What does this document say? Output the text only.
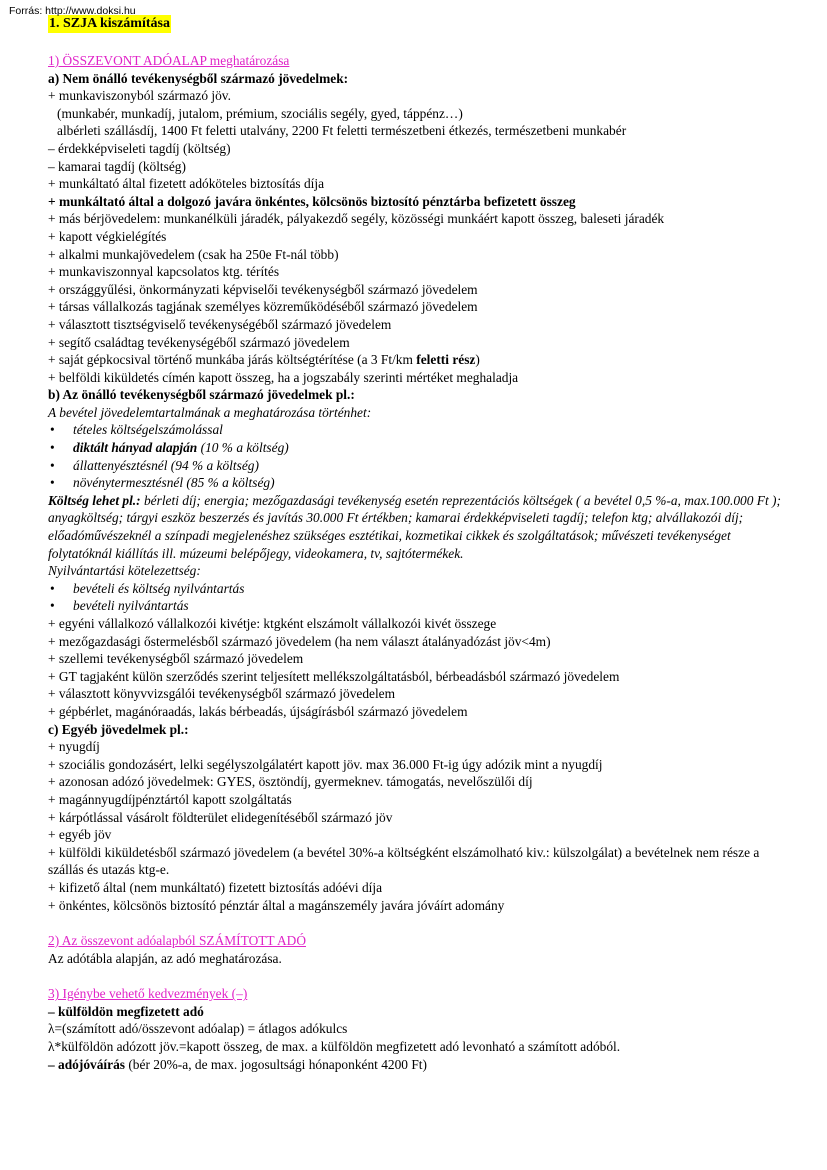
Forrás: http://www.doksi.hu
1. SZJA kiszámítása

1) ÖSSZEVONT ADÓALAP meghatározása

a) Nem önálló tevékenységből származó jövedelmek:

+ munkaviszonyból származó jöv.

(munkabér, munkadíj, jutalom, prémium, szociális segély, gyed, táppénz…)

albérleti szállásdíj, 1400 Ft feletti utalvány, 2200 Ft feletti természetbeni étkezés, természetbeni munkabér

– érdekképviseleti tagdíj (költség)

– kamarai tagdíj (költség)

+ munkáltató által fizetett adóköteles biztosítás díja

+ munkáltató által a dolgozó javára önkéntes, kölcsönös biztosító pénztárba befizetett összeg

+ más bérjövedelem: munkanélküli járadék, pályakezdő segély, közösségi munkáért kapott összeg, baleseti járadék

+ kapott végkielégítés

+ alkalmi munkajövedelem (csak ha 250e Ft-nál több)

+ munkaviszonnyal kapcsolatos ktg. térítés

+ országgyűlési, önkormányzati képviselői tevékenységből származó jövedelem

+ társas vállalkozás tagjának személyes közreműködéséből származó jövedelem

+ választott tisztségviselő tevékenységéből származó jövedelem

+ segítő családtag tevékenységéből származó jövedelem

+ saját gépkocsival történő munkába járás költségtérítése (a 3 Ft/km feletti rész)

+ belföldi kiküldetés címén kapott összeg, ha a jogszabály szerinti mértéket meghaladja

b) Az önálló tevékenységből származó jövedelmek pl.:

A bevétel jövedelemtartalmának a meghatározása történhet:

• tételes költségelszámolással

• diktált hányad alapján (10 % a költség)

• állattenyésztésnél (94 % a költség)

• növénytermesztésnél (85 % a költség)

Költség lehet pl.: bérleti díj; energia; mezőgazdasági tevékenység esetén reprezentációs költségek ( a bevétel 0,5 %-a, max.100.000 Ft ); anyagköltség; tárgyi eszköz beszerzés és javítás 30.000 Ft értékben; kamarai érdekképviseleti tagdíj; telefon ktg; alvállakozói díj; előadóművészeknél a színpadi megjelenéshez szükséges esztétikai, kozmetikai cikkek és szolgáltatások; művészeti tevékenységet folytatóknál kiállítás ill. múzeumi belépőjegy, videokamera, tv, sajtótermékek.

Nyilvántartási kötelezettség:

• bevételi és költség nyilvántartás

• bevételi nyilvántartás

+ egyéni vállalkozó vállalkozói kivétje: ktgként elszámolt vállalkozói kivét összege

+ mezőgazdasági őstermelésből származó jövedelem (ha nem választ átalányadózást jöv<4m)

+ szellemi tevékenységből származó jövedelem

+ GT tagjaként külön szerződés szerint teljesített mellékszolgáltatásból, bérbeadásból származó jövedelem

+ választott könyvvizsgálói tevékenységből származó jövedelem

+ gépbérlet, magánóraadás, lakás bérbeadás, újságírásból származó jövedelem

c) Egyéb jövedelmek pl.:

+ nyugdíj

+ szociális gondozásért, lelki segélyszolgálatért kapott jöv. max 36.000 Ft-ig úgy adózik mint a nyugdíj

+ azonosan adózó jövedelmek: GYES, ösztöndíj, gyermeknev. támogatás, nevelőszülői díj

+ magánnyugdíjpénztártól kapott szolgáltatás

+ kárpótlással vásárolt földterület elidegenítéséből származó jöv

+ egyéb jöv

+ külföldi kiküldetésből származó jövedelem (a bevétel 30%-a költségként elszámolható kiv.: külszolgálat) a bevételnek nem része a szállás és utazás ktg-e.

+ kifizető által (nem munkáltató) fizetett biztosítás adóévi díja

+ önkéntes, kölcsönös biztosító pénztár által a magánszemély javára jóváírt adomány

2) Az összevont adóalapból SZÁMÍTOTT ADÓ

Az adótábla alapján, az adó meghatározása.

3) Igénybe vehető kedvezmények (–)

– külföldön megfizetett adó

λ=(számított adó/összevont adóalap) = átlagos adókulcs

λ*külföldön adózott jöv.=kapott összeg, de max. a külföldön megfizetett adó levonható a számított adóból.

– adójóváírás (bér 20%-a, de max. jogosultsági hónaponként 4200 Ft)
